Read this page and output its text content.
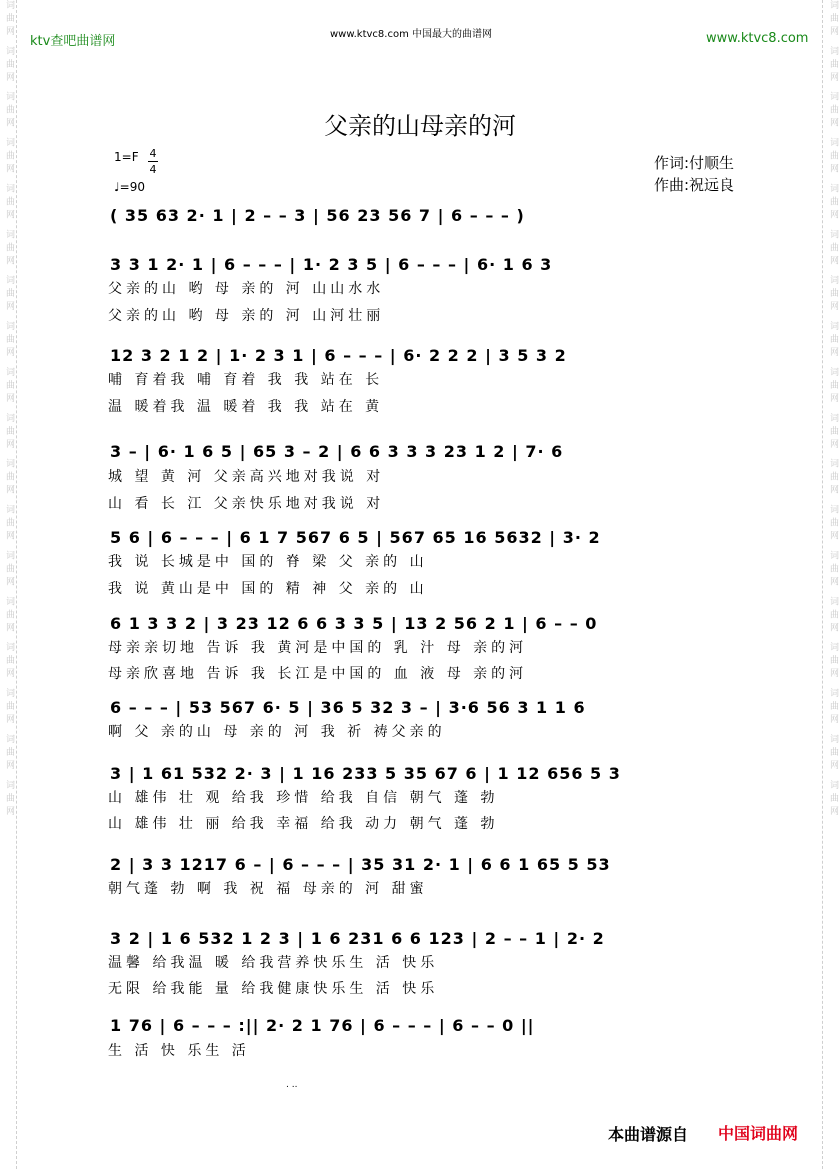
ktv查吧曲谱网	www.ktvc8.com 中国最大的曲谱网	www.ktvc8.com
词曲网 词曲网 词曲网 词曲网 词曲网 词曲网 词曲网 词曲网 词曲网 词曲网 词曲网 词曲网 词曲网 词曲网 词曲网 词曲网 词曲网 词曲网
词曲网 词曲网 词曲网 词曲网 词曲网 词曲网 词曲网 词曲网 词曲网 词曲网 词曲网 词曲网 词曲网 词曲网 词曲网 词曲网 词曲网 词曲网
父亲的山母亲的河
1=F 4
4
♩=90
作词:付顺生
作曲:祝远良
( 35 63 2· 1 | 2 – – 3 | 56 23 56 7 | 6 – – – )
3 3 1 2· 1 | 6 – – – | 1· 2 3 5 | 6 – – – | 6· 1 6 3
父亲的山 哟 母 亲的 河 山山水水
父亲的山 哟 母 亲的 河 山河壮丽
12 3 2 1 2 | 1· 2 3 1 | 6 – – – | 6· 2 2 2 | 3 5 3 2
哺 育着我 哺 育着 我 我 站在 长
温 暖着我 温 暖着 我 我 站在 黄
3 – | 6· 1 6 5 | 65 3 – 2 | 6 6 3 3 3 23 1 2 | 7· 6
城 望 黄 河 父亲高兴地对我说 对
山 看 长 江 父亲快乐地对我说 对
5 6 | 6 – – – | 6 1 7 567 6 5 | 567 65 16 5632 | 3· 2
我 说 长城是中 国的 脊 梁 父 亲的 山
我 说 黄山是中 国的 精 神 父 亲的 山
6 1 3 3 2 | 3 23 12 6 6 3 3 5 | 13 2 56 2 1 | 6 – – 0
母亲亲切地 告诉 我 黄河是中国的 乳 汁 母 亲的河
母亲欣喜地 告诉 我 长江是中国的 血 液 母 亲的河
6 – – – | 53 567 6· 5 | 36 5 32 3 – | 3·6 56 3 1 1 6
啊 父 亲的山 母 亲的 河 我 祈 祷父亲的
3 | 1 61 532 2· 3 | 1 16 233 5 35 67 6 | 1 12 656 5 3
山 雄伟 壮 观 给我 珍惜 给我 自信 朝气 蓬 勃
山 雄伟 壮 丽 给我 幸福 给我 动力 朝气 蓬 勃
2 | 3 3 1217 6 – | 6 – – – | 35 31 2· 1 | 6 6 1 65 5 53
朝气蓬 勃 啊 我 祝 福 母亲的 河 甜蜜
3 2 | 1 6 532 1 2 3 | 1 6 231 6 6 123 | 2 – – 1 | 2· 2
温馨 给我温 暖 给我营养快乐生 活 快乐
无限 给我能 量 给我健康快乐生 活 快乐
1 76 | 6 – – – :|| 2· 2 1 76 | 6 – – – | 6 – – 0 ||
生 活 快 乐生 活
. ..
本曲谱源自 中国词曲网
